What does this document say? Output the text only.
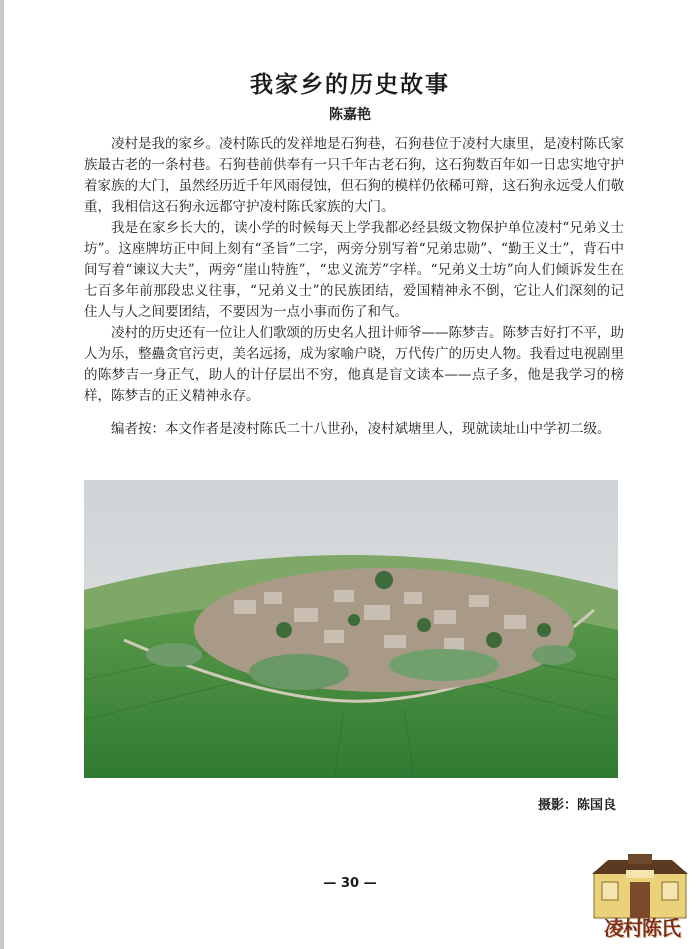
我家乡的历史故事
陈嘉艳

凌村是我的家乡。凌村陈氏的发祥地是石狗巷，石狗巷位于凌村大康里，是凌村陈氏家族最古老的一条村巷。石狗巷前供奉有一只千年古老石狗，这石狗数百年如一日忠实地守护着家族的大门，虽然经历近千年风雨侵蚀，但石狗的模样仍依稀可辩，这石狗永远受人们敬重，我相信这石狗永远都守护凌村陈氏家族的大门。

我是在家乡长大的，读小学的时候每天上学我都必经县级文物保护单位凌村“兄弟义士坊”。这座牌坊正中间上刻有“圣旨”二字，两旁分别写着“兄弟忠勋”、“勤王义士”，背石中间写着“谏议大夫”，两旁“崖山特旌”，“忠义流芳”字样。“兄弟义士坊”向人们倾诉发生在七百多年前那段忠义往事，“兄弟义士”的民族团结，爱国精神永不倒，它让人们深刻的记住人与人之间要团结，不要因为一点小事而伤了和气。

凌村的历史还有一位让人们歌颂的历史名人扭计师爷——陈梦吉。陈梦吉好打不平，助人为乐，整蠱贪官污吏，美名远扬，成为家喻户晓，万代传广的历史人物。我看过电视剧里的陈梦吉一身正气，助人的计仔层出不穷，他真是盲文读本——点子多，他是我学习的榜样，陈梦吉的正义精神永存。

编者按：本文作者是凌村陈氏二十八世孙，凌村斌塘里人，现就读址山中学初二级。

摄影：陈国良
— 30 —
凌村陈氏
